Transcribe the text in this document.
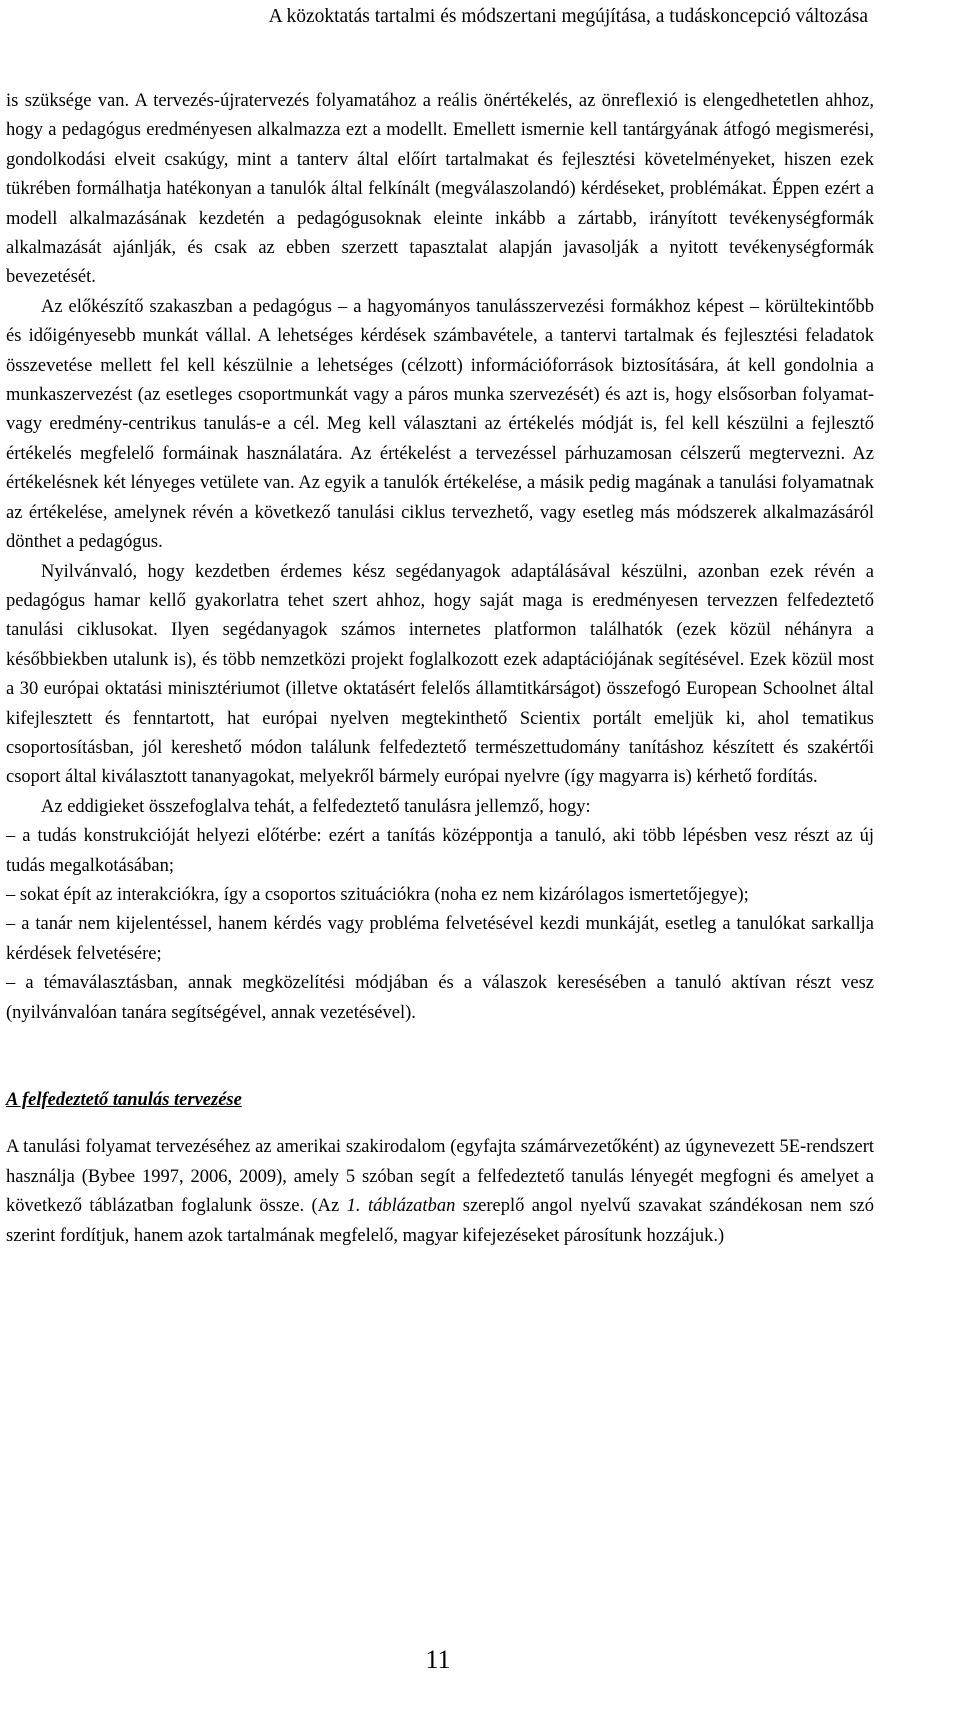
A közoktatás tartalmi és módszertani megújítása, a tudáskoncepció változása

is szüksége van. A tervezés-újratervezés folyamatához a reális önértékelés, az önreflexió is elengedhetetlen ahhoz, hogy a pedagógus eredményesen alkalmazza ezt a modellt. Emellett ismernie kell tantárgyának átfogó megismerési, gondolkodási elveit csakúgy, mint a tanterv által előírt tartalmakat és fejlesztési követelményeket, hiszen ezek tükrében formálhatja hatékonyan a tanulók által felkínált (megválaszolandó) kérdéseket, problémákat. Éppen ezért a modell alkalmazásának kezdetén a pedagógusoknak eleinte inkább a zártabb, irányított tevékenységformák alkalmazását ajánlják, és csak az ebben szerzett tapasztalat alapján javasolják a nyitott tevékenységformák bevezetését.

Az előkészítő szakaszban a pedagógus – a hagyományos tanulásszervezési formákhoz képest – körültekintőbb és időigényesebb munkát vállal. A lehetséges kérdések számbavétele, a tantervi tartalmak és fejlesztési feladatok összevetése mellett fel kell készülnie a lehetséges (célzott) információforrások biztosítására, át kell gondolnia a munkaszervezést (az esetleges csoportmunkát vagy a páros munka szervezését) és azt is, hogy elsősorban folyamat- vagy eredmény-centrikus tanulás-e a cél. Meg kell választani az értékelés módját is, fel kell készülni a fejlesztő értékelés megfelelő formáinak használatára. Az értékelést a tervezéssel párhuzamosan célszerű megtervezni. Az értékelésnek két lényeges vetülete van. Az egyik a tanulók értékelése, a másik pedig magának a tanulási folyamatnak az értékelése, amelynek révén a következő tanulási ciklus tervezhető, vagy esetleg más módszerek alkalmazásáról dönthet a pedagógus.

Nyilvánvaló, hogy kezdetben érdemes kész segédanyagok adaptálásával készülni, azonban ezek révén a pedagógus hamar kellő gyakorlatra tehet szert ahhoz, hogy saját maga is eredményesen tervezzen felfedeztető tanulási ciklusokat. Ilyen segédanyagok számos internetes platformon találhatók (ezek közül néhányra a későbbiekben utalunk is), és több nemzetközi projekt foglalkozott ezek adaptációjának segítésével. Ezek közül most a 30 európai oktatási minisztériumot (illetve oktatásért felelős államtitkárságot) összefogó European Schoolnet által kifejlesztett és fenntartott, hat európai nyelven megtekinthető Scientix portált emeljük ki, ahol tematikus csoportosításban, jól kereshető módon találunk felfedeztető természettudomány tanításhoz készített és szakértői csoport által kiválasztott tananyagokat, melyekről bármely európai nyelvre (így magyarra is) kérhető fordítás.

Az eddigieket összefoglalva tehát, a felfedeztető tanulásra jellemző, hogy:

– a tudás konstrukcióját helyezi előtérbe: ezért a tanítás középpontja a tanuló, aki több lépésben vesz részt az új tudás megalkotásában;
– sokat épít az interakciókra, így a csoportos szituációkra (noha ez nem kizárólagos ismertetőjegye);
– a tanár nem kijelentéssel, hanem kérdés vagy probléma felvetésével kezdi munkáját, esetleg a tanulókat sarkallja kérdések felvetésére;
– a témaválasztásban, annak megközelítési módjában és a válaszok keresésében a tanuló aktívan részt vesz (nyilvánvalóan tanára segítségével, annak vezetésével).
A felfedeztető tanulás tervezése

A tanulási folyamat tervezéséhez az amerikai szakirodalom (egyfajta számárvezetőként) az úgynevezett 5E-rendszert használja (Bybee 1997, 2006, 2009), amely 5 szóban segít a felfedeztető tanulás lényegét megfogni és amelyet a következő táblázatban foglalunk össze. (Az 1. táblázatban szereplő angol nyelvű szavakat szándékosan nem szó szerint fordítjuk, hanem azok tartalmának megfelelő, magyar kifejezéseket párosítunk hozzájuk.)

11
